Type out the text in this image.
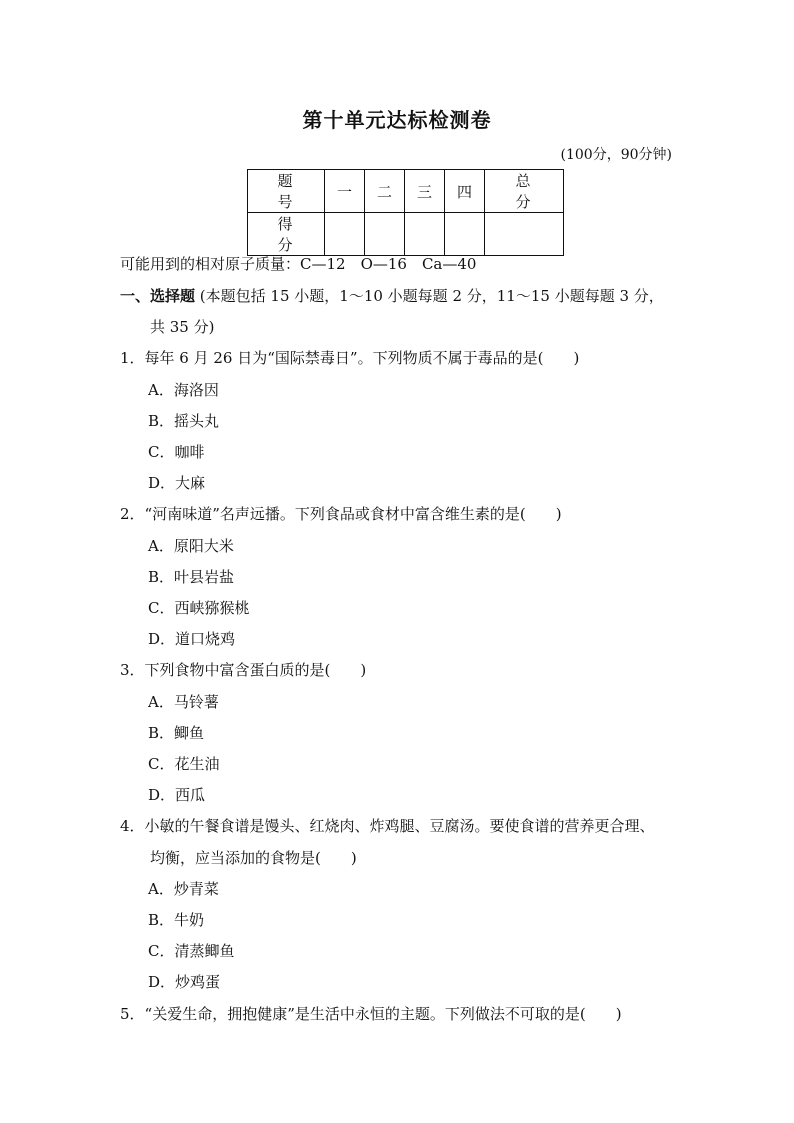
第十单元达标检测卷
(100分，90分钟)
题　号	一	二	三	四	总　分
得　分					
可能用到的相对原子质量：C—12　O—16　Ca—40
一、选择题 (本题包括 15 小题，1～10 小题每题 2 分，11～15 小题每题 3 分，
共 35 分)
1．每年 6 月 26 日为“国际禁毒日”。下列物质不属于毒品的是(　　)
A．海洛因
B．摇头丸
C．咖啡
D．大麻
2．“河南味道”名声远播。下列食品或食材中富含维生素的是(　　)
A．原阳大米
B．叶县岩盐
C．西峡猕猴桃
D．道口烧鸡
3．下列食物中富含蛋白质的是(　　)
A．马铃薯
B．鲫鱼
C．花生油
D．西瓜
4．小敏的午餐食谱是馒头、红烧肉、炸鸡腿、豆腐汤。要使食谱的营养更合理、
均衡，应当添加的食物是(　　)
A．炒青菜
B．牛奶
C．清蒸鲫鱼
D．炒鸡蛋
5．“关爱生命，拥抱健康”是生活中永恒的主题。下列做法不可取的是(　　)
